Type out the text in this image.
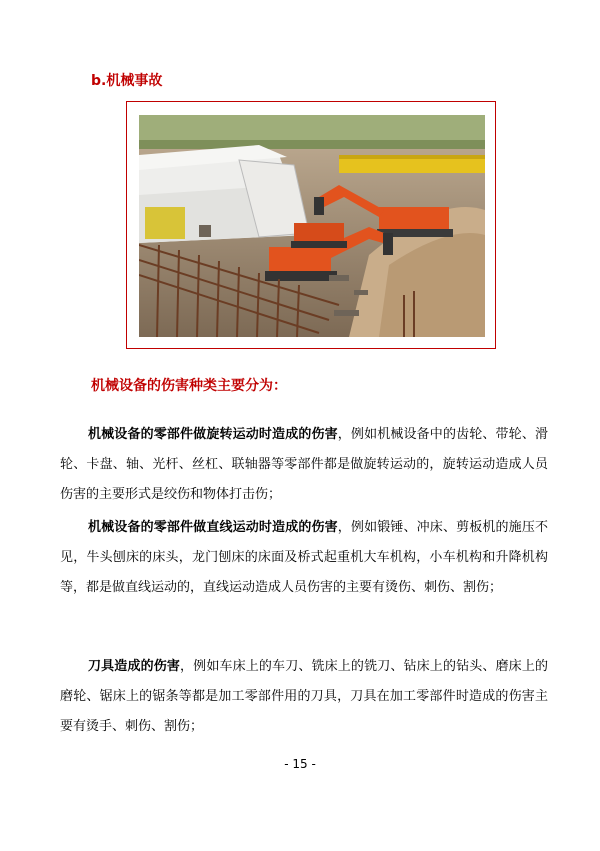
b.机械事故
机械设备的伤害种类主要分为：
机械设备的零部件做旋转运动时造成的伤害，例如机械设备中的齿轮、带轮、滑轮、卡盘、轴、光杆、丝杠、联轴器等零部件都是做旋转运动的，旋转运动造成人员伤害的主要形式是绞伤和物体打击伤；
机械设备的零部件做直线运动时造成的伤害，例如锻锤、冲床、剪板机的施压不见，牛头刨床的床头，龙门刨床的床面及桥式起重机大车机构，小车机构和升降机构等，都是做直线运动的，直线运动造成人员伤害的主要有烫伤、刺伤、割伤；
刀具造成的伤害，例如车床上的车刀、铣床上的铣刀、钻床上的钻头、磨床上的磨轮、锯床上的锯条等都是加工零部件用的刀具，刀具在加工零部件时造成的伤害主要有烫手、刺伤、割伤；
- 15 -
